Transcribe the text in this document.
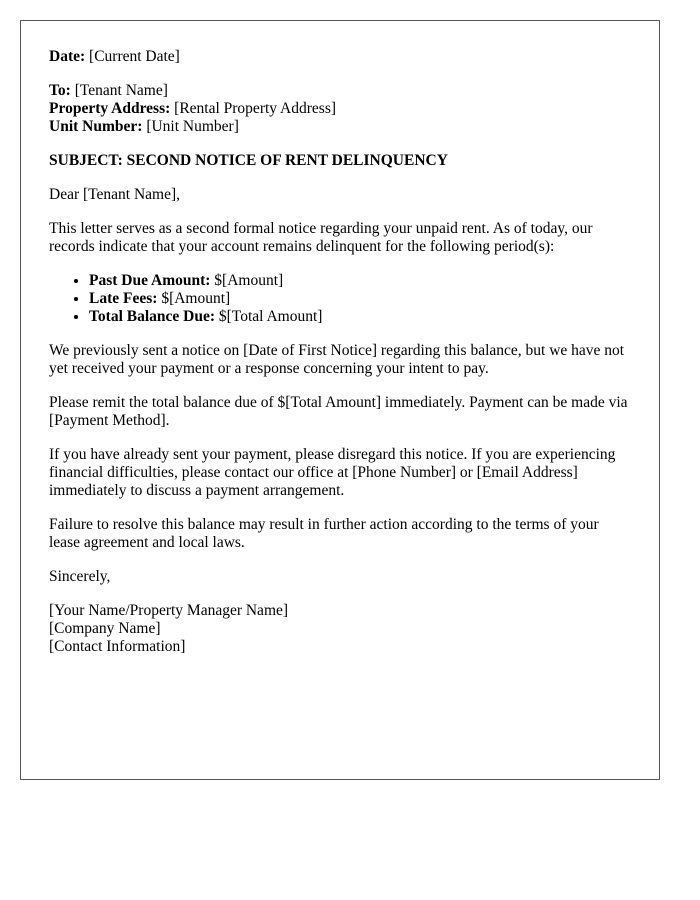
Date: [Current Date]

To: [Tenant Name]
Property Address: [Rental Property Address]
Unit Number: [Unit Number]

SUBJECT: SECOND NOTICE OF RENT DELINQUENCY

Dear [Tenant Name],

This letter serves as a second formal notice regarding your unpaid rent. As of today, our records indicate that your account remains delinquent for the following period(s):

• Past Due Amount: $[Amount]
• Late Fees: $[Amount]
• Total Balance Due: $[Total Amount]

We previously sent a notice on [Date of First Notice] regarding this balance, but we have not yet received your payment or a response concerning your intent to pay.

Please remit the total balance due of $[Total Amount] immediately. Payment can be made via [Payment Method].

If you have already sent your payment, please disregard this notice. If you are experiencing financial difficulties, please contact our office at [Phone Number] or [Email Address] immediately to discuss a payment arrangement.

Failure to resolve this balance may result in further action according to the terms of your lease agreement and local laws.

Sincerely,

[Your Name/Property Manager Name]
[Company Name]
[Contact Information]
